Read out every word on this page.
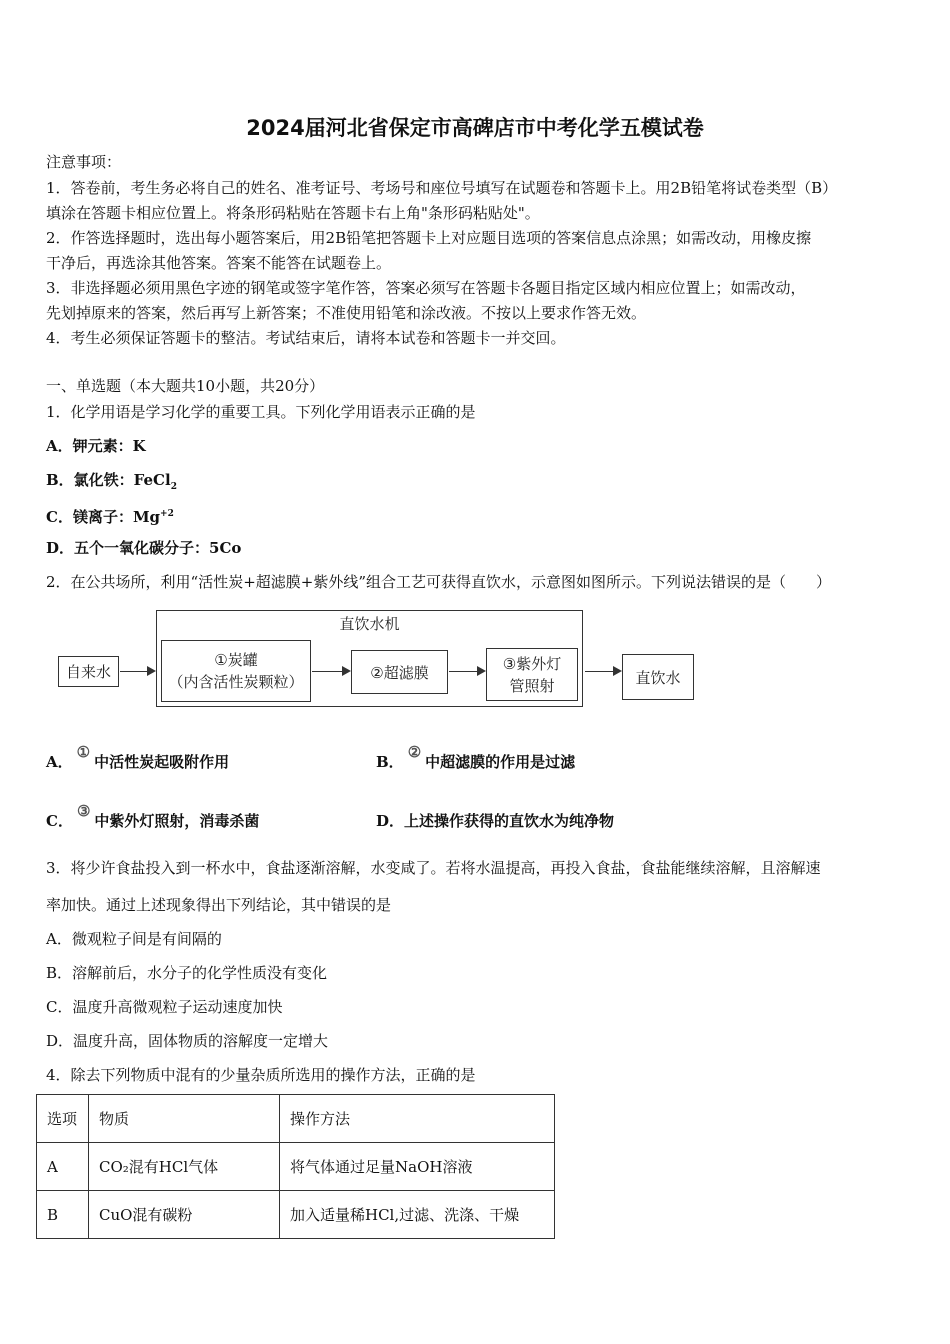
2024届河北省保定市高碑店市中考化学五模试卷
注意事项：
1．答卷前，考生务必将自己的姓名、准考证号、考场号和座位号填写在试题卷和答题卡上。用2B铅笔将试卷类型（B）
填涂在答题卡相应位置上。将条形码粘贴在答题卡右上角"条形码粘贴处"。
2．作答选择题时，选出每小题答案后，用2B铅笔把答题卡上对应题目选项的答案信息点涂黑；如需改动，用橡皮擦
干净后，再选涂其他答案。答案不能答在试题卷上。
3．非选择题必须用黑色字迹的钢笔或签字笔作答，答案必须写在答题卡各题目指定区域内相应位置上；如需改动，
先划掉原来的答案，然后再写上新答案；不准使用铅笔和涂改液。不按以上要求作答无效。
4．考生必须保证答题卡的整洁。考试结束后，请将本试卷和答题卡一并交回。
一、单选题（本大题共10小题，共20分）
1．化学用语是学习化学的重要工具。下列化学用语表示正确的是
A．钾元素：K
B．氯化铁：FeCl$_2$
C．镁离子：$Mg^{+2}$
D．五个一氧化碳分子：5Co
2．在公共场所，利用“活性炭+超滤膜+紫外线”组合工艺可获得直饮水，示意图如图所示。下列说法错误的是（　　）
直饮水机
自来水
①炭罐
（内含活性炭颗粒）
②超滤膜	③紫外灯
管照射	直饮水
A．①中活性炭起吸附作用	B．②中超滤膜的作用是过滤
C．③中紫外灯照射，消毒杀菌	D．上述操作获得的直饮水为纯净物
3．将少许食盐投入到一杯水中，食盐逐渐溶解，水变咸了。若将水温提高，再投入食盐，食盐能继续溶解，且溶解速
率加快。通过上述现象得出下列结论，其中错误的是
A．微观粒子间是有间隔的
B．溶解前后，水分子的化学性质没有变化
C．温度升高微观粒子运动速度加快
D．温度升高，固体物质的溶解度一定增大
4．除去下列物质中混有的少量杂质所选用的操作方法，正确的是
选项	物质	操作方法
A	CO₂混有HCl气体	将气体通过足量NaOH溶液
B	CuO混有碳粉	加入适量稀HCl,过滤、洗涤、干燥
